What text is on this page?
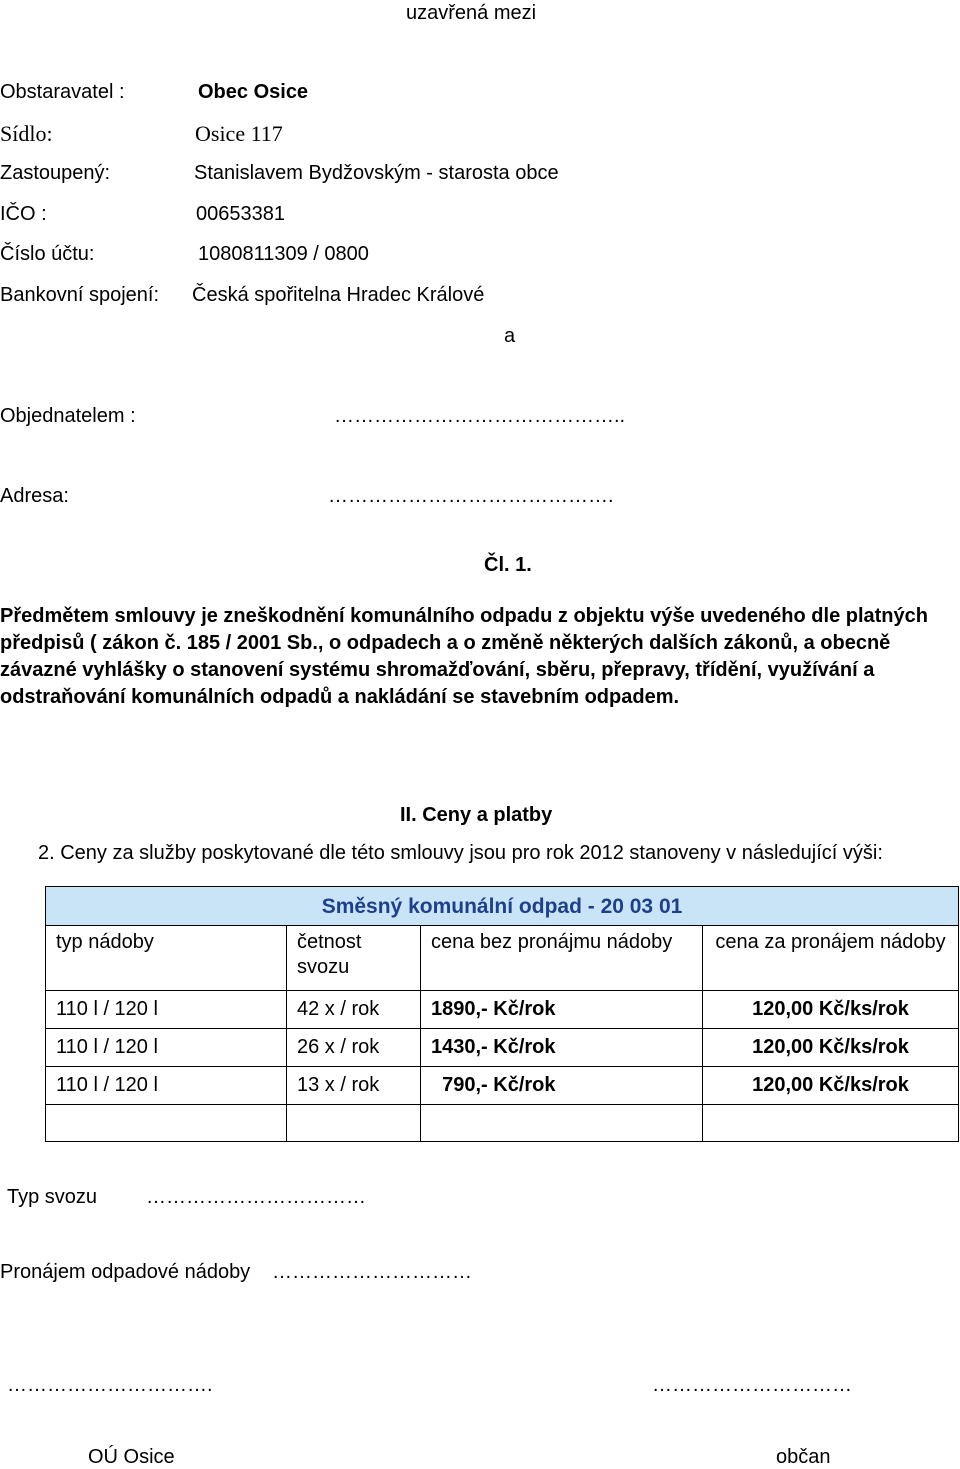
uzavřená mezi
Obstaravatel :	Obec Osice
Sídlo:	Osice 117
Zastoupený:	Stanislavem Bydžovským - starosta obce
IČO :	00653381
Číslo účtu:	1080811309 / 0800
Bankovní spojení: Česká spořitelna Hradec Králové
a
Objednatelem :	……………………………………..
Adresa:	…………………………………….
Čl. 1.
Předmětem smlouvy je zneškodnění komunálního odpadu z objektu výše uvedeného dle platných předpisů ( zákon č. 185 / 2001 Sb., o odpadech a o změně některých dalších zákonů, a obecně závazné vyhlášky o stanovení systému shromažďování, sběru, přepravy, třídění, využívání a odstraňování komunálních odpadů a nakládání se stavebním odpadem.
II. Ceny a platby
2. Ceny za služby poskytované dle této smlouvy jsou pro rok 2012 stanoveny v následující výši:
Směsný komunální odpad - 20 03 01			
typ nádoby	četnost svozu	cena bez pronájmu nádoby	cena za pronájem nádoby
110 l / 120 l	42 x / rok	1890,- Kč/rok	120,00 Kč/ks/rok
110 l / 120 l	26 x / rok	1430,- Kč/rok	120,00 Kč/ks/rok
110 l / 120 l	13 x / rok	790,- Kč/rok	120,00 Kč/ks/rok

Typ svozu ……………………………
Pronájem odpadové nádoby …………………………
………………………….	…………………………
OÚ Osice	občan
